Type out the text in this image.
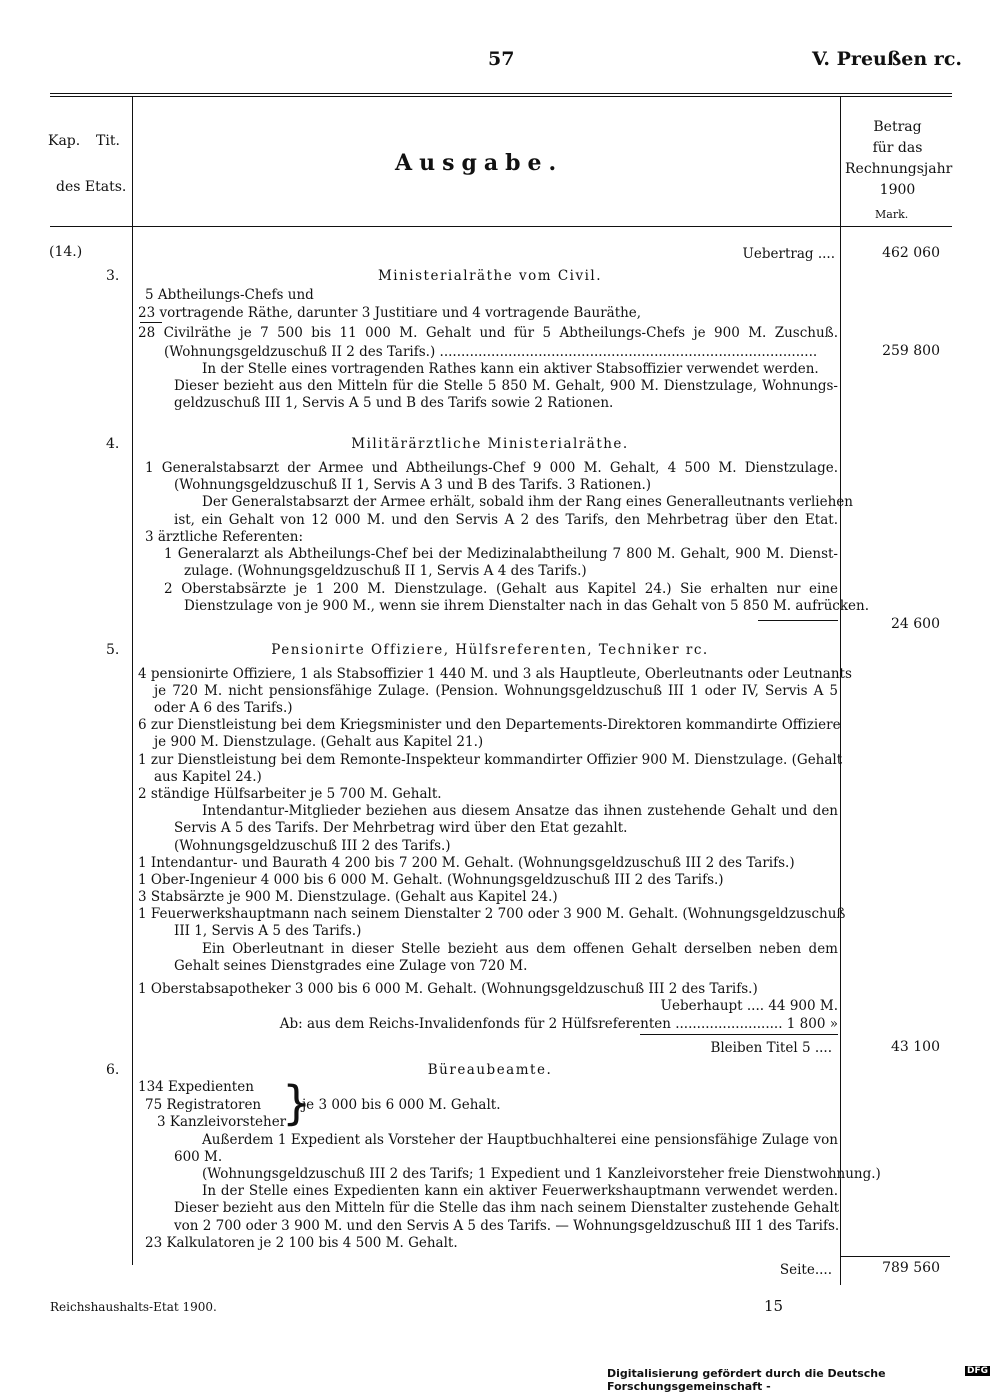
57	V. Preußen rc.
Kap. Tit.
des Etats.
Ausgabe.
Betrag
für das
Rechnungsjahr
1900
Mark.
(14.)	Uebertrag ....	462 060
3.	Ministerialräthe vom Civil.
5 Abtheilungs-Chefs und
23 vortragende Räthe, darunter 3 Justitiare und 4 vortragende Bauräthe,
28 Civilräthe je 7 500 bis 11 000 M. Gehalt und für 5 Abtheilungs-Chefs je 900 M. Zuschuß.
(Wohnungsgeldzuschuß II 2 des Tarifs.) ........................................................................................	259 800
In der Stelle eines vortragenden Rathes kann ein aktiver Stabsoffizier verwendet werden.
Dieser bezieht aus den Mitteln für die Stelle 5 850 M. Gehalt, 900 M. Dienstzulage, Wohnungs-
geldzuschuß III 1, Servis A 5 und B des Tarifs sowie 2 Rationen.
4.	Militärärztliche Ministerialräthe.
1 Generalstabsarzt der Armee und Abtheilungs-Chef 9 000 M. Gehalt, 4 500 M. Dienstzulage.
(Wohnungsgeldzuschuß II 1, Servis A 3 und B des Tarifs. 3 Rationen.)
Der Generalstabsarzt der Armee erhält, sobald ihm der Rang eines Generalleutnants verliehen
ist, ein Gehalt von 12 000 M. und den Servis A 2 des Tarifs, den Mehrbetrag über den Etat.
3 ärztliche Referenten:
1 Generalarzt als Abtheilungs-Chef bei der Medizinalabtheilung 7 800 M. Gehalt, 900 M. Dienst-
zulage. (Wohnungsgeldzuschuß II 1, Servis A 4 des Tarifs.)
2 Oberstabsärzte je 1 200 M. Dienstzulage. (Gehalt aus Kapitel 24.) Sie erhalten nur eine
Dienstzulage von je 900 M., wenn sie ihrem Dienstalter nach in das Gehalt von 5 850 M. aufrücken.
24 600
5.	Pensionirte Offiziere, Hülfsreferenten, Techniker rc.
4 pensionirte Offiziere, 1 als Stabsoffizier 1 440 M. und 3 als Hauptleute, Oberleutnants oder Leutnants
je 720 M. nicht pensionsfähige Zulage. (Pension. Wohnungsgeldzuschuß III 1 oder IV, Servis A 5
oder A 6 des Tarifs.)
6 zur Dienstleistung bei dem Kriegsminister und den Departements-Direktoren kommandirte Offiziere
je 900 M. Dienstzulage. (Gehalt aus Kapitel 21.)
1 zur Dienstleistung bei dem Remonte-Inspekteur kommandirter Offizier 900 M. Dienstzulage. (Gehalt
aus Kapitel 24.)
2 ständige Hülfsarbeiter je 5 700 M. Gehalt.
Intendantur-Mitglieder beziehen aus diesem Ansatze das ihnen zustehende Gehalt und den
Servis A 5 des Tarifs. Der Mehrbetrag wird über den Etat gezahlt.
(Wohnungsgeldzuschuß III 2 des Tarifs.)
1 Intendantur- und Baurath 4 200 bis 7 200 M. Gehalt. (Wohnungsgeldzuschuß III 2 des Tarifs.)
1 Ober-Ingenieur 4 000 bis 6 000 M. Gehalt. (Wohnungsgeldzuschuß III 2 des Tarifs.)
3 Stabsärzte je 900 M. Dienstzulage. (Gehalt aus Kapitel 24.)
1 Feuerwerkshauptmann nach seinem Dienstalter 2 700 oder 3 900 M. Gehalt. (Wohnungsgeldzuschuß
III 1, Servis A 5 des Tarifs.)
Ein Oberleutnant in dieser Stelle bezieht aus dem offenen Gehalt derselben neben dem
Gehalt seines Dienstgrades eine Zulage von 720 M.
1 Oberstabsapotheker 3 000 bis 6 000 M. Gehalt. (Wohnungsgeldzuschuß III 2 des Tarifs.)
Ueberhaupt .... 44 900 M.
Ab: aus dem Reichs-Invalidenfonds für 2 Hülfsreferenten ......................... 1 800 »
Bleiben Titel 5 ....	43 100
6.	Büreaubeamte.
134 Expedienten
75 Registratoren
3 Kanzleivorsteher
}
je 3 000 bis 6 000 M. Gehalt.
Außerdem 1 Expedient als Vorsteher der Hauptbuchhalterei eine pensionsfähige Zulage von
600 M.
(Wohnungsgeldzuschuß III 2 des Tarifs; 1 Expedient und 1 Kanzleivorsteher freie Dienstwohnung.)
In der Stelle eines Expedienten kann ein aktiver Feuerwerkshauptmann verwendet werden.
Dieser bezieht aus den Mitteln für die Stelle das ihm nach seinem Dienstalter zustehende Gehalt
von 2 700 oder 3 900 M. und den Servis A 5 des Tarifs. — Wohnungsgeldzuschuß III 1 des Tarifs.
23 Kalkulatoren je 2 100 bis 4 500 M. Gehalt.
Seite....	789 560
Reichshaushalts-Etat 1900.	15
Digitalisierung gefördert durch die Deutsche Forschungsgemeinschaft -
DFG
